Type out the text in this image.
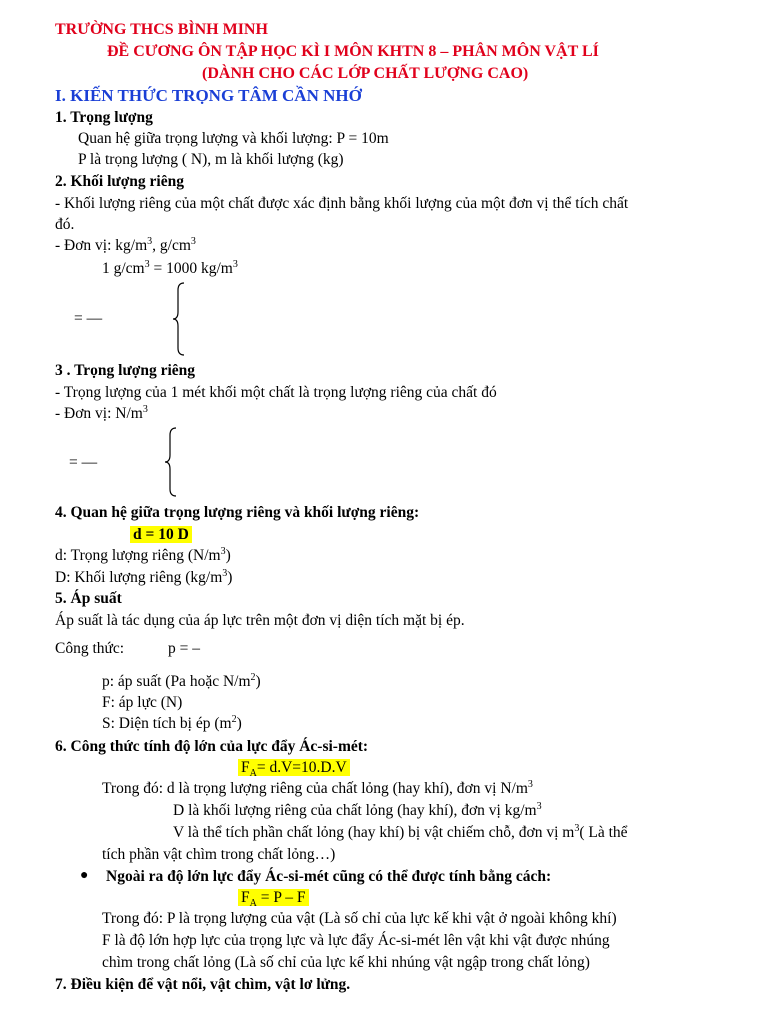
TRƯỜNG THCS BÌNH MINH
ĐỀ CƯƠNG ÔN TẬP HỌC KÌ I MÔN KHTN 8 – PHÂN MÔN VẬT LÍ
(DÀNH CHO CÁC LỚP CHẤT LƯỢNG CAO)
I. KIẾN THỨC TRỌNG TÂM CẦN NHỚ
1. Trọng lượng
Quan hệ giữa trọng lượng và khối lượng: P = 10m
P là trọng lượng ( N), m là khối lượng (kg)
2. Khối lượng riêng
- Khối lượng riêng của một chất được xác định bằng khối lượng của một đơn vị thể tích chất
đó.
- Đơn vị: $kg/m^3$, $g/cm^3$
1 $g/cm^3 = 1000$ $kg/m^3$
= —
3 . Trọng lượng riêng
- Trọng lượng của 1 mét khối một chất là trọng lượng riêng của chất đó
- Đơn vị: $N/m^3$
= —
4. Quan hệ giữa trọng lượng riêng và khối lượng riêng:
d = 10 D
d: Trọng lượng riêng $(N/m^3)$
D: Khối lượng riêng $(kg/m^3)$
5. Áp suất
Áp suất là tác dụng của áp lực trên một đơn vị diện tích mặt bị ép.
Công thức:	p = –
p: áp suất (Pa hoặc $N/m^2$)
F: áp lực (N)
S: Diện tích bị ép $(m^2)$
6. Công thức tính độ lớn của lực đẩy Ác-si-mét:
$F_A= d.V=10.D.V$
Trong đó: d là trọng lượng riêng của chất lỏng (hay khí), đơn vị $N/m^3$
D là khối lượng riêng của chất lỏng (hay khí), đơn vị $kg/m^3$
V là thể tích phần chất lỏng (hay khí) bị vật chiếm chỗ, đơn vị $m^3$( Là thể
tích phần vật chìm trong chất lỏng…)
● Ngoài ra độ lớn lực đẩy Ác-si-mét cũng có thể được tính bằng cách:
$F_A = P - F$
Trong đó: P là trọng lượng của vật (Là số chỉ của lực kế khi vật ở ngoài không khí)
F là độ lớn hợp lực của trọng lực và lực đẩy Ác-si-mét lên vật khi vật được nhúng
chìm trong chất lỏng (Là số chỉ của lực kế khi nhúng vật ngập trong chất lỏng)
7. Điều kiện để vật nổi, vật chìm, vật lơ lửng.
